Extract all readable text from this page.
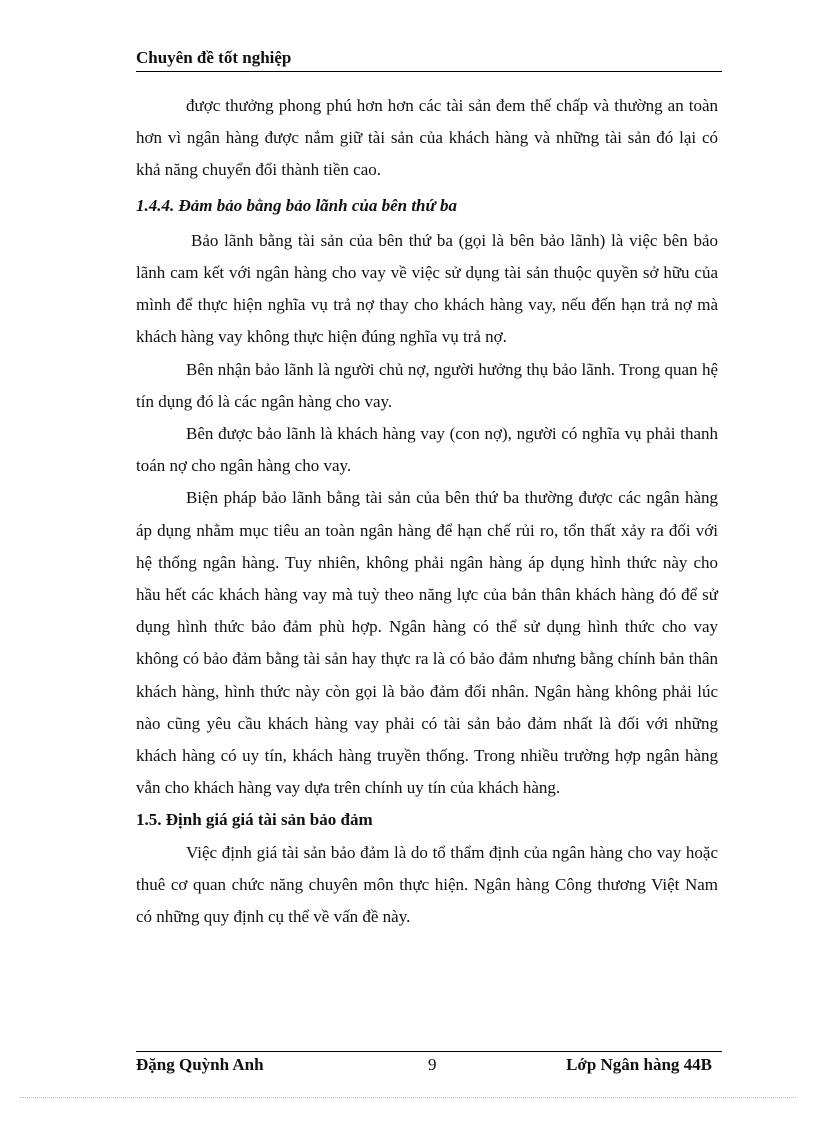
Chuyên đề tốt nghiệp

được thưởng phong phú hơn hơn các tài sản đem thế chấp và thường an toàn hơn vì ngân hàng được nắm giữ tài sản của khách hàng và những tài sản đó lại có khả năng chuyển đổi thành tiền cao.

1.4.4. Đảm bảo bằng bảo lãnh của bên thứ ba

Bảo lãnh bằng tài sản của bên thứ ba (gọi là bên bảo lãnh) là việc bên bảo lãnh cam kết với ngân hàng cho vay về việc sử dụng tài sản thuộc quyền sở hữu của mình để thực hiện nghĩa vụ trả nợ thay cho khách hàng vay, nếu đến hạn trả nợ mà khách hàng vay không thực hiện đúng nghĩa vụ trả nợ.

Bên nhận bảo lãnh là người chủ nợ, người hưởng thụ bảo lãnh. Trong quan hệ tín dụng đó là các ngân hàng cho vay.

Bên được bảo lãnh là khách hàng vay (con nợ), người có nghĩa vụ phải thanh toán nợ cho ngân hàng cho vay.

Biện pháp bảo lãnh bằng tài sản của bên thứ ba thường được các ngân hàng áp dụng nhằm mục tiêu an toàn ngân hàng để hạn chế rủi ro, tổn thất xảy ra đối với hệ thống ngân hàng. Tuy nhiên, không phải ngân hàng áp dụng hình thức này cho hầu hết các khách hàng vay mà tuỳ theo năng lực của bản thân khách hàng đó để sử dụng hình thức bảo đảm phù hợp. Ngân hàng có thể sử dụng hình thức cho vay không có bảo đảm bằng tài sản hay thực ra là có bảo đảm nhưng bằng chính bản thân khách hàng, hình thức này còn gọi là bảo đảm đối nhân. Ngân hàng không phải lúc nào cũng yêu cầu khách hàng vay phải có tài sản bảo đảm nhất là đối với những khách hàng có uy tín, khách hàng truyền thống. Trong nhiều trường hợp ngân hàng vẫn cho khách hàng vay dựa trên chính uy tín của khách hàng.

1.5. Định giá giá tài sản bảo đảm

Việc định giá tài sản bảo đảm là do tổ thẩm định của ngân hàng cho vay hoặc thuê cơ quan chức năng chuyên môn thực hiện. Ngân hàng Công thương Việt Nam có những quy định cụ thể về vấn đề này.

Đặng Quỳnh Anh	9	Lớp Ngân hàng 44B
